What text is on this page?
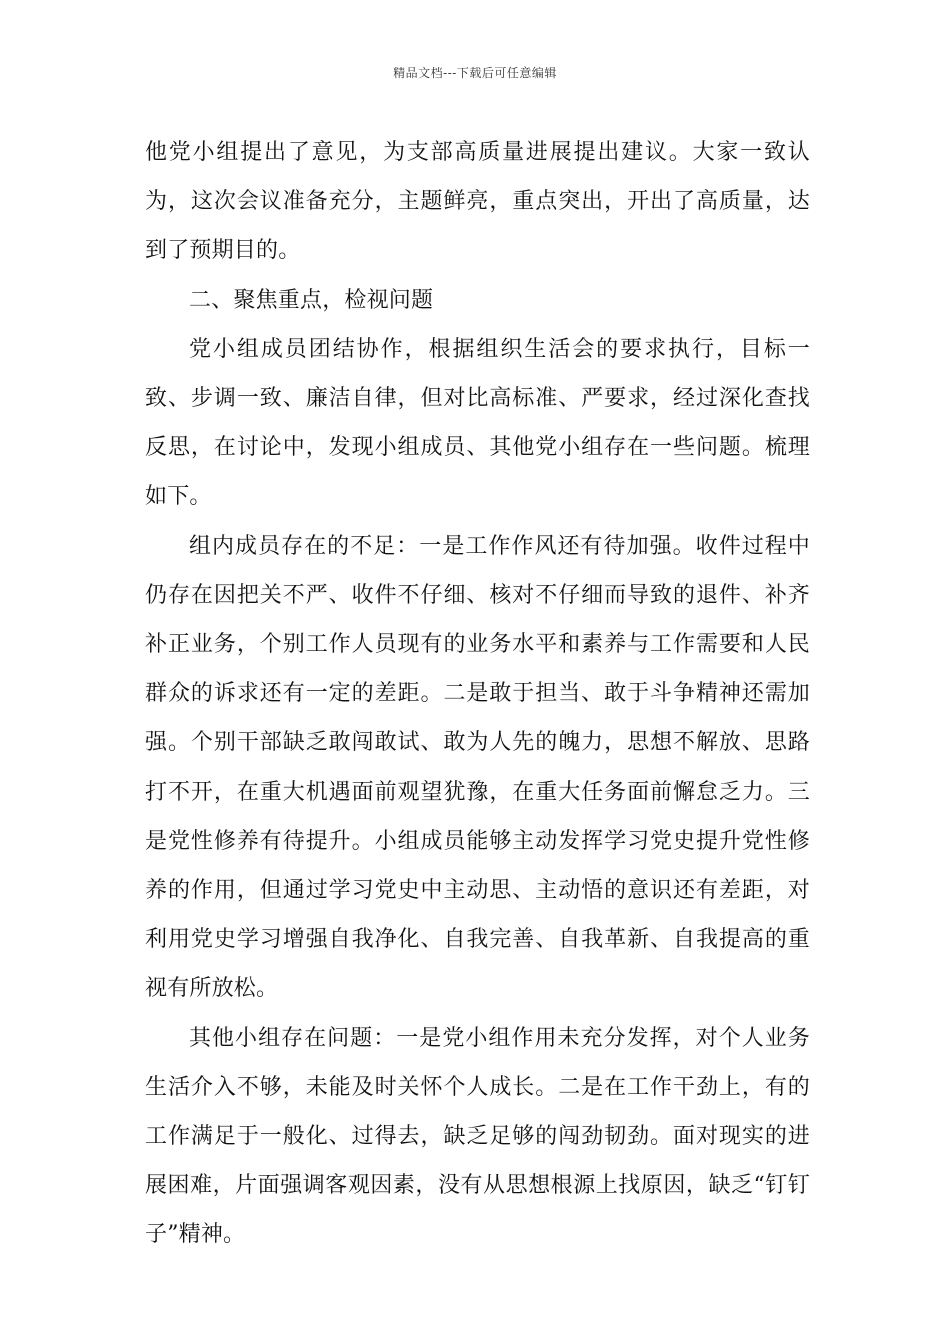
精品文档---下载后可任意编辑

他党小组提出了意见，为支部高质量进展提出建议。大家一致认为，这次会议准备充分，主题鲜亮，重点突出，开出了高质量，达到了预期目的。

二、聚焦重点，检视问题

党小组成员团结协作，根据组织生活会的要求执行，目标一致、步调一致、廉洁自律，但对比高标准、严要求，经过深化查找反思，在讨论中，发现小组成员、其他党小组存在一些问题。梳理如下。

组内成员存在的不足：一是工作作风还有待加强。收件过程中仍存在因把关不严、收件不仔细、核对不仔细而导致的退件、补齐补正业务，个别工作人员现有的业务水平和素养与工作需要和人民群众的诉求还有一定的差距。二是敢于担当、敢于斗争精神还需加强。个别干部缺乏敢闯敢试、敢为人先的魄力，思想不解放、思路打不开，在重大机遇面前观望犹豫，在重大任务面前懈怠乏力。三是党性修养有待提升。小组成员能够主动发挥学习党史提升党性修养的作用，但通过学习党史中主动思、主动悟的意识还有差距，对利用党史学习增强自我净化、自我完善、自我革新、自我提高的重视有所放松。

其他小组存在问题：一是党小组作用未充分发挥，对个人业务生活介入不够，未能及时关怀个人成长。二是在工作干劲上，有的工作满足于一般化、过得去，缺乏足够的闯劲韧劲。面对现实的进展困难，片面强调客观因素，没有从思想根源上找原因，缺乏“钉钉子”精神。
